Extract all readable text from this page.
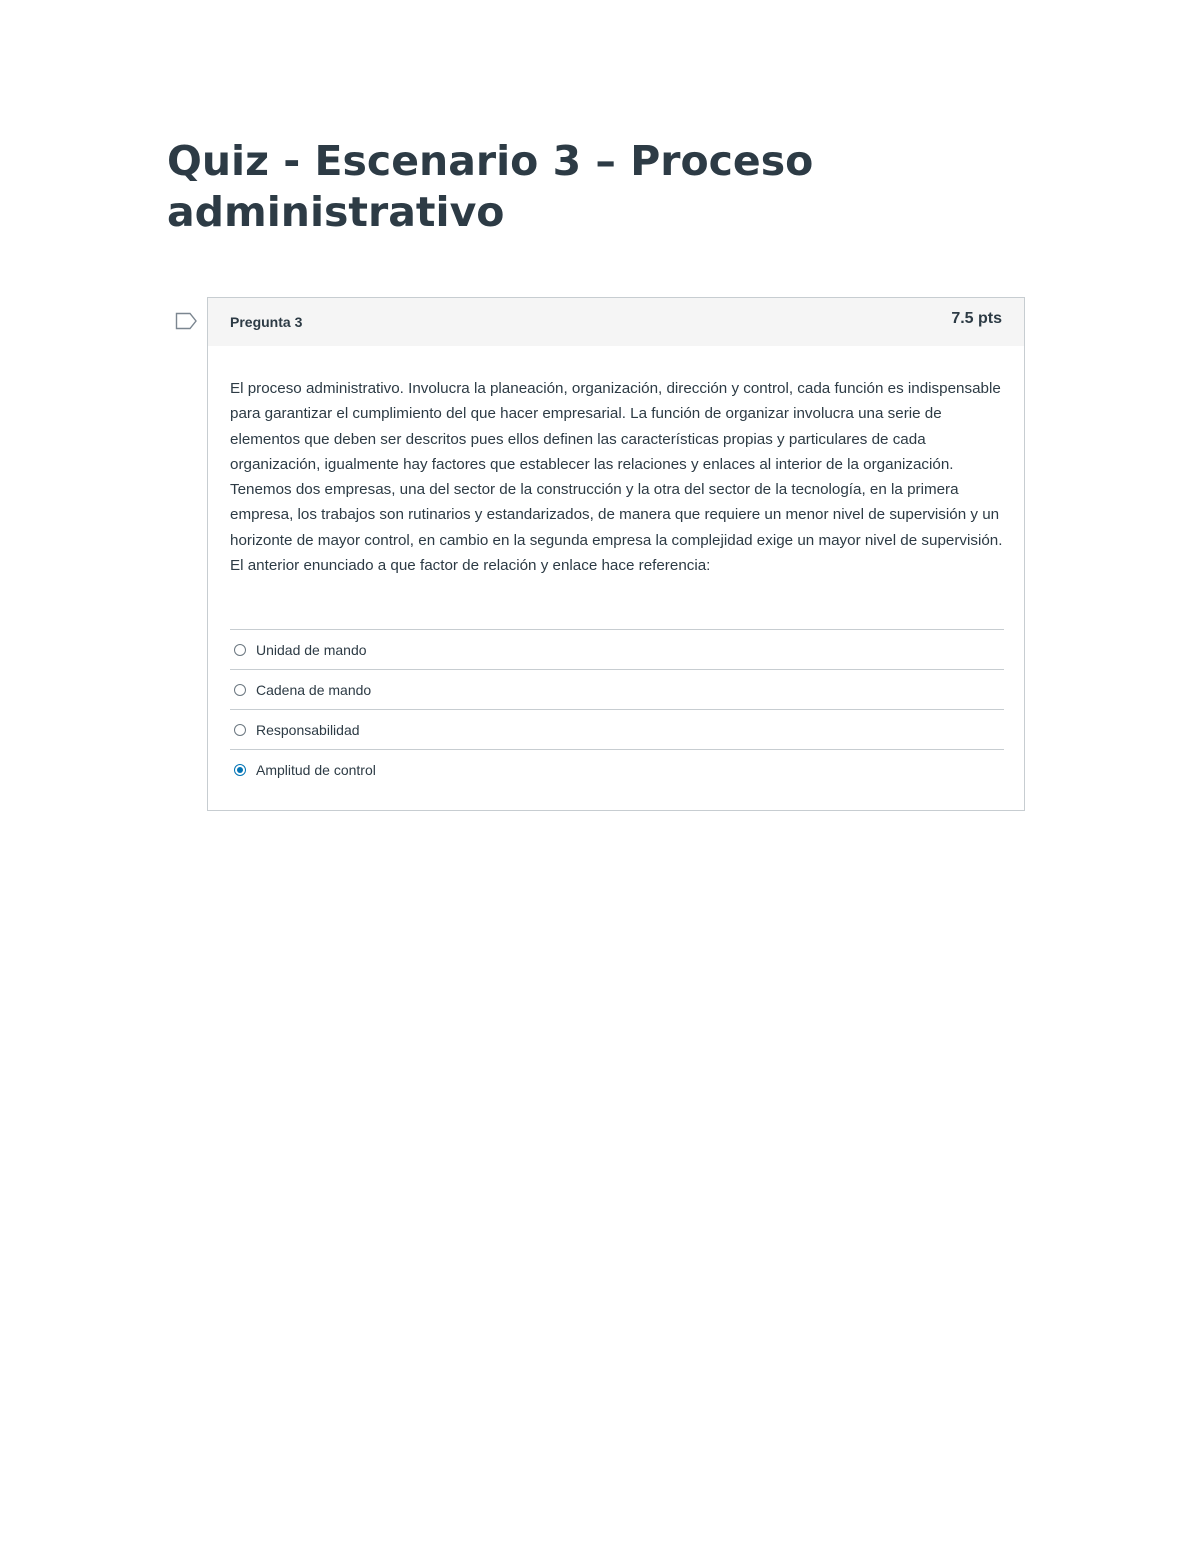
Quiz - Escenario 3 – Proceso administrativo
Pregunta 3	7.5 pts

El proceso administrativo. Involucra la planeación, organización, dirección y control, cada función es indispensable para garantizar el cumplimiento del que hacer empresarial. La función de organizar involucra una serie de elementos que deben ser descritos pues ellos definen las características propias y particulares de cada organización, igualmente hay factores que establecer las relaciones y enlaces al interior de la organización. Tenemos dos empresas, una del sector de la construcción y la otra del sector de la tecnología, en la primera empresa, los trabajos son rutinarios y estandarizados, de manera que requiere un menor nivel de supervisión y un horizonte de mayor control, en cambio en la segunda empresa la complejidad exige un mayor nivel de supervisión. El anterior enunciado a que factor de relación y enlace hace referencia:

Unidad de mando
Cadena de mando
Responsabilidad
Amplitud de control
